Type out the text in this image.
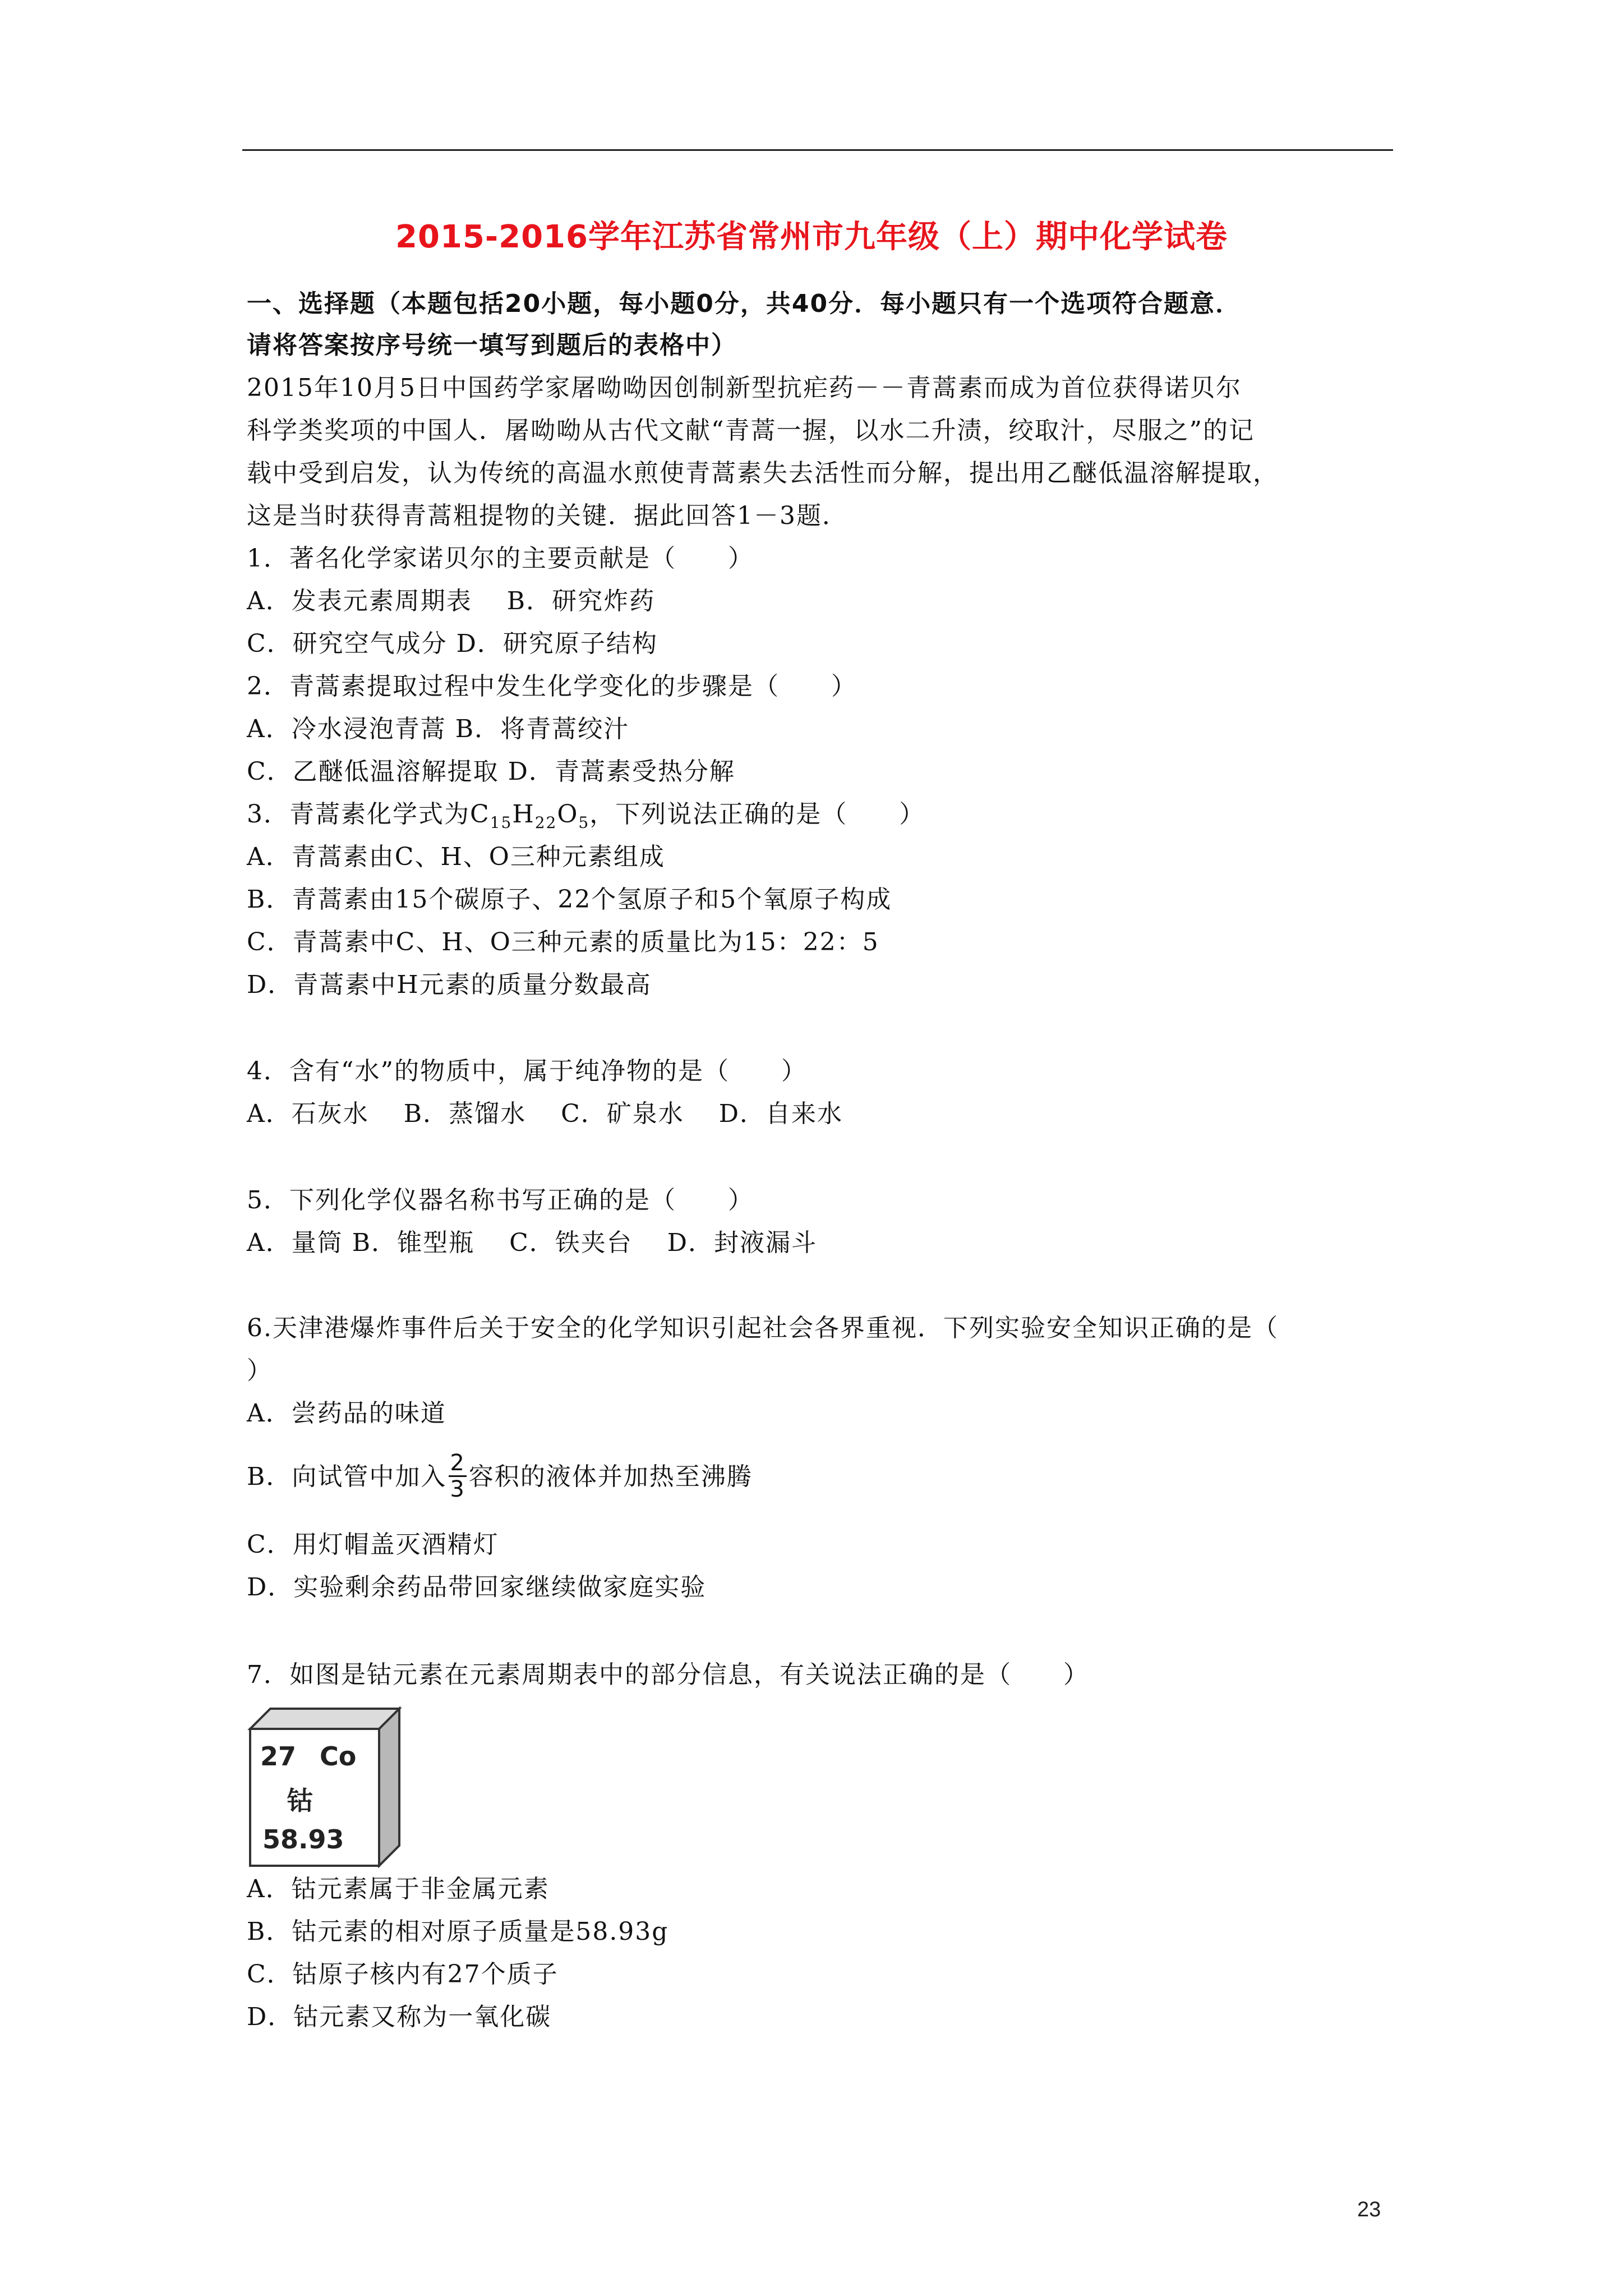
2015-2016学年江苏省常州市九年级（上）期中化学试卷
一、选择题（本题包括20小题，每小题0分，共40分．每小题只有一个选项符合题意．
请将答案按序号统一填写到题后的表格中）
2015年10月5日中国药学家屠呦呦因创制新型抗疟药－－青蒿素而成为首位获得诺贝尔
科学类奖项的中国人．屠呦呦从古代文献“青蒿一握，以水二升渍，绞取汁，尽服之”的记
载中受到启发，认为传统的高温水煎使青蒿素失去活性而分解，提出用乙醚低温溶解提取，
这是当时获得青蒿粗提物的关键．据此回答1－3题．
1．著名化学家诺贝尔的主要贡献是（　　）
A．发表元素周期表　 B．研究炸药
C．研究空气成分 D．研究原子结构
2．青蒿素提取过程中发生化学变化的步骤是（　　）
A．冷水浸泡青蒿 B．将青蒿绞汁
C．乙醚低温溶解提取 D．青蒿素受热分解
3．青蒿素化学式为$C_{15}H_{22}O_5$，下列说法正确的是（　　）
A．青蒿素由C、H、O三种元素组成
B．青蒿素由15个碳原子、22个氢原子和5个氧原子构成
C．青蒿素中C、H、O三种元素的质量比为15：22：5
D．青蒿素中H元素的质量分数最高
4．含有“水”的物质中，属于纯净物的是（　　）
A．石灰水　 B．蒸馏水　 C．矿泉水　 D．自来水
5．下列化学仪器名称书写正确的是（　　）
A．量筒 B．锥型瓶　 C．铁夹台　 D．封液漏斗
6.天津港爆炸事件后关于安全的化学知识引起社会各界重视．下列实验安全知识正确的是（
）
A．尝药品的味道
B．向试管中加入 $\frac{2}{3}$ 容积的液体并加热至沸腾
C．用灯帽盖灭酒精灯
D．实验剩余药品带回家继续做家庭实验
7．如图是钴元素在元素周期表中的部分信息，有关说法正确的是（　　）
27 Co
钴
58.93
A．钴元素属于非金属元素
B．钴元素的相对原子质量是58.93g
C．钴原子核内有27个质子
D．钴元素又称为一氧化碳
23
